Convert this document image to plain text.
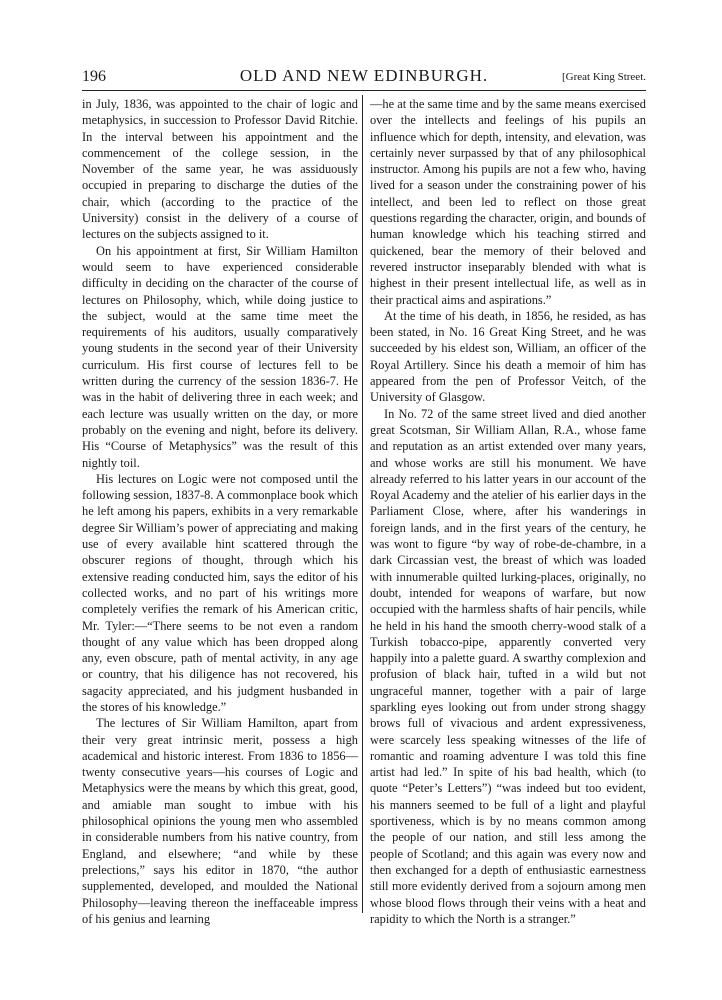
196	OLD AND NEW EDINBURGH.	[Great King Street.

in July, 1836, was appointed to the chair of logic and metaphysics, in succession to Professor David Ritchie. In the interval between his appointment and the commencement of the college session, in the November of the same year, he was assiduously occupied in preparing to discharge the duties of the chair, which (according to the practice of the University) consist in the delivery of a course of lectures on the subjects assigned to it.

On his appointment at first, Sir William Hamilton would seem to have experienced considerable difficulty in deciding on the character of the course of lectures on Philosophy, which, while doing justice to the subject, would at the same time meet the requirements of his auditors, usually comparatively young students in the second year of their University curriculum. His first course of lectures fell to be written during the currency of the session 1836-7. He was in the habit of delivering three in each week; and each lecture was usually written on the day, or more probably on the evening and night, before its delivery. His “Course of Metaphysics” was the result of this nightly toil.

His lectures on Logic were not composed until the following session, 1837-8. A commonplace book which he left among his papers, exhibits in a very remarkable degree Sir William’s power of appreciating and making use of every available hint scattered through the obscurer regions of thought, through which his extensive reading conducted him, says the editor of his collected works, and no part of his writings more completely verifies the remark of his American critic, Mr. Tyler:—“There seems to be not even a random thought of any value which has been dropped along any, even obscure, path of mental activity, in any age or country, that his diligence has not recovered, his sagacity appreciated, and his judgment husbanded in the stores of his knowledge.”

The lectures of Sir William Hamilton, apart from their very great intrinsic merit, possess a high academical and historic interest. From 1836 to 1856—twenty consecutive years—his courses of Logic and Metaphysics were the means by which this great, good, and amiable man sought to imbue with his philosophical opinions the young men who assembled in considerable numbers from his native country, from England, and elsewhere; “and while by these prelections,” says his editor in 1870, “the author supplemented, developed, and moulded the National Philosophy—leaving thereon the ineffaceable impress of his genius and learning

—he at the same time and by the same means exercised over the intellects and feelings of his pupils an influence which for depth, intensity, and elevation, was certainly never surpassed by that of any philosophical instructor. Among his pupils are not a few who, having lived for a season under the constraining power of his intellect, and been led to reflect on those great questions regarding the character, origin, and bounds of human knowledge which his teaching stirred and quickened, bear the memory of their beloved and revered instructor inseparably blended with what is highest in their present intellectual life, as well as in their practical aims and aspirations.”

At the time of his death, in 1856, he resided, as has been stated, in No. 16 Great King Street, and he was succeeded by his eldest son, William, an officer of the Royal Artillery. Since his death a memoir of him has appeared from the pen of Professor Veitch, of the University of Glasgow.

In No. 72 of the same street lived and died another great Scotsman, Sir William Allan, R.A., whose fame and reputation as an artist extended over many years, and whose works are still his monument. We have already referred to his latter years in our account of the Royal Academy and the atelier of his earlier days in the Parliament Close, where, after his wanderings in foreign lands, and in the first years of the century, he was wont to figure “by way of robe-de-chambre, in a dark Circassian vest, the breast of which was loaded with innumerable quilted lurking-places, originally, no doubt, intended for weapons of warfare, but now occupied with the harmless shafts of hair pencils, while he held in his hand the smooth cherry-wood stalk of a Turkish tobacco-pipe, apparently converted very happily into a palette guard. A swarthy complexion and profusion of black hair, tufted in a wild but not ungraceful manner, together with a pair of large sparkling eyes looking out from under strong shaggy brows full of vivacious and ardent expressiveness, were scarcely less speaking witnesses of the life of romantic and roaming adventure I was told this fine artist had led.” In spite of his bad health, which (to quote “Peter’s Letters”) “was indeed but too evident, his manners seemed to be full of a light and playful sportiveness, which is by no means common among the people of our nation, and still less among the people of Scotland; and this again was every now and then exchanged for a depth of enthusiastic earnestness still more evidently derived from a sojourn among men whose blood flows through their veins with a heat and rapidity to which the North is a stranger.”
